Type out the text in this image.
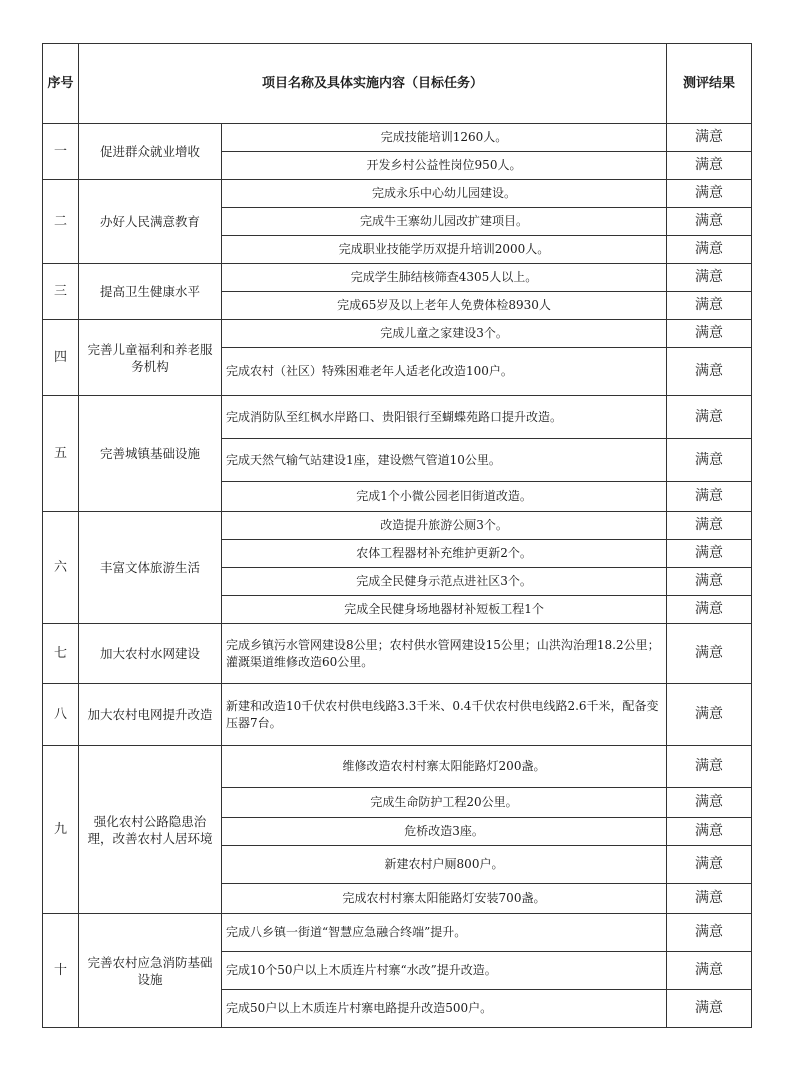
序号	项目名称及具体实施内容（目标任务）		测评结果
一	促进群众就业增收	完成技能培训1260人。	满意
		开发乡村公益性岗位950人。	满意
二	办好人民满意教育	完成永乐中心幼儿园建设。	满意
		完成牛王寨幼儿园改扩建项目。	满意
		完成职业技能学历双提升培训2000人。	满意
三	提高卫生健康水平	完成学生肺结核筛查4305人以上。	满意
		完成65岁及以上老年人免费体检8930人	满意
四	完善儿童福利和养老服务机构	完成儿童之家建设3个。	满意
		完成农村（社区）特殊困难老年人适老化改造100户。	满意
五	完善城镇基础设施	完成消防队至红枫水岸路口、贵阳银行至蝴蝶苑路口提升改造。	满意
		完成天然气输气站建设1座，建设燃气管道10公里。	满意
		完成1个小微公园老旧街道改造。	满意
六	丰富文体旅游生活	改造提升旅游公厕3个。	满意
		农体工程器材补充维护更新2个。	满意
		完成全民健身示范点进社区3个。	满意
		完成全民健身场地器材补短板工程1个	满意
七	加大农村水网建设	完成乡镇污水管网建设8公里；农村供水管网建设15公里；山洪沟治理18.2公里；灌溉渠道维修改造60公里。	满意
八	加大农村电网提升改造	新建和改造10千伏农村供电线路3.3千米、0.4千伏农村供电线路2.6千米，配备变压器7台。	满意
九	强化农村公路隐患治理，改善农村人居环境	维修改造农村村寨太阳能路灯200盏。	满意
		完成生命防护工程20公里。	满意
		危桥改造3座。	满意
		新建农村户厕800户。	满意
		完成农村村寨太阳能路灯安装700盏。	满意
十	完善农村应急消防基础设施	完成八乡镇一街道“智慧应急融合终端”提升。	满意
		完成10个50户以上木质连片村寨“水改”提升改造。	满意
		完成50户以上木质连片村寨电路提升改造500户。	满意
